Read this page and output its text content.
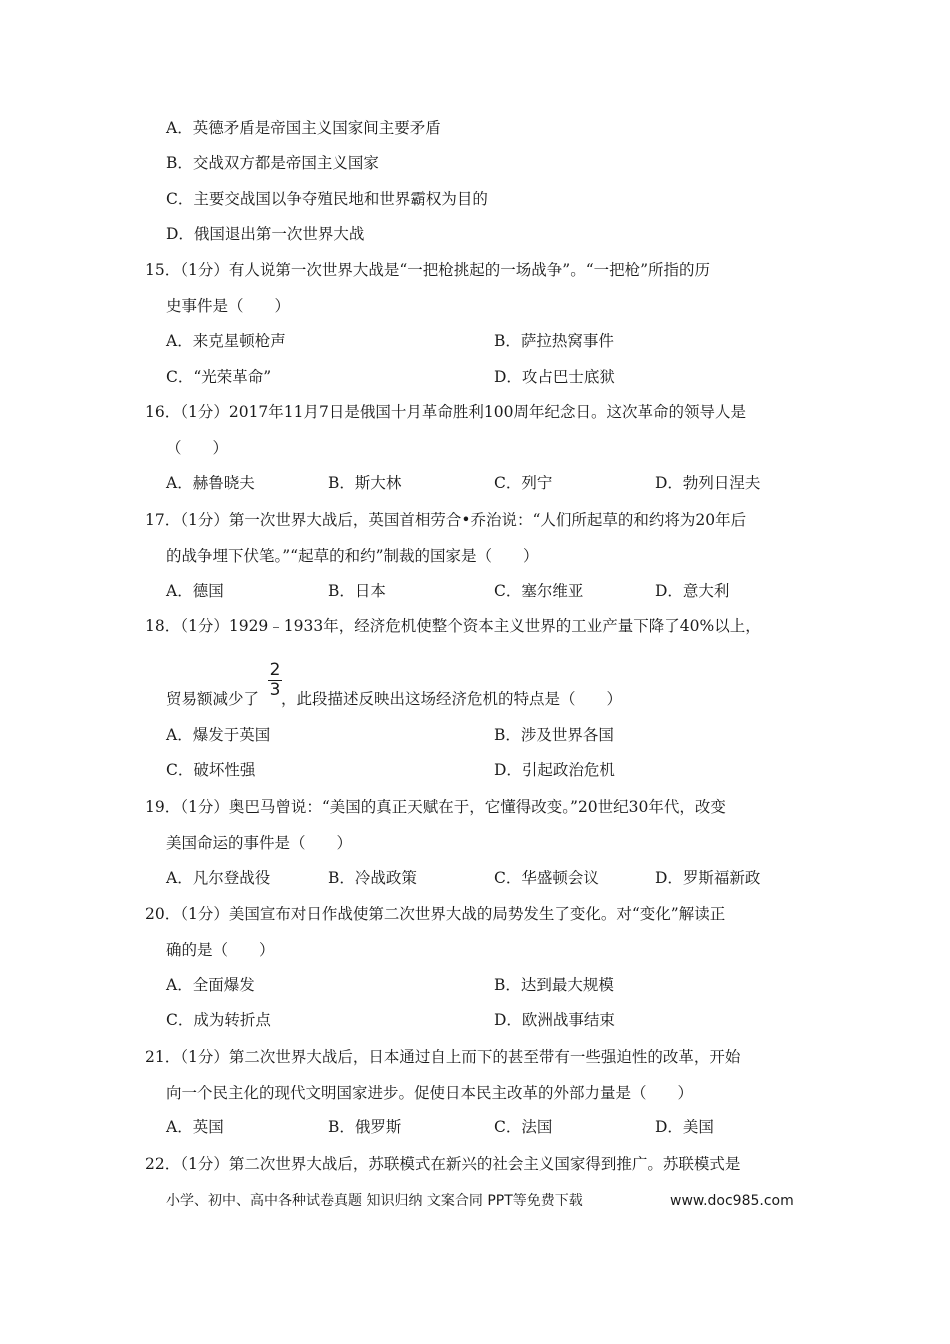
A．英德矛盾是帝国主义国家间主要矛盾
B．交战双方都是帝国主义国家
C．主要交战国以争夺殖民地和世界霸权为目的
D．俄国退出第一次世界大战
15．（1分）有人说第一次世界大战是“一把枪挑起的一场战争”。“一把枪”所指的历
史事件是（　　）
A．来克星顿枪声	B．萨拉热窝事件
C．“光荣革命”	D．攻占巴士底狱
16．（1分）2017年11月7日是俄国十月革命胜利100周年纪念日。这次革命的领导人是
（　　）
A．赫鲁晓夫	B．斯大林	C．列宁	D．勃列日涅夫
17．（1分）第一次世界大战后，英国首相劳合•乔治说：“人们所起草的和约将为20年后
的战争埋下伏笔。”“起草的和约”制裁的国家是（　　）
A．德国	B．日本	C．塞尔维亚	D．意大利
18．（1分）1929﹣1933年，经济危机使整个资本主义世界的工业产量下降了40%以上，
贸易额减少了 ，此段描述反映出这场经济危机的特点是（　　）
2
3
A．爆发于英国	B．涉及世界各国
C．破坏性强	D．引起政治危机
19．（1分）奥巴马曾说：“美国的真正天赋在于，它懂得改变。”20世纪30年代，改变
美国命运的事件是（　　）
A．凡尔登战役	B．冷战政策	C．华盛顿会议	D．罗斯福新政
20．（1分）美国宣布对日作战使第二次世界大战的局势发生了变化。对“变化”解读正
确的是（　　）
A．全面爆发	B．达到最大规模
C．成为转折点	D．欧洲战事结束
21．（1分）第二次世界大战后，日本通过自上而下的甚至带有一些强迫性的改革，开始
向一个民主化的现代文明国家进步。促使日本民主改革的外部力量是（　　）
A．英国	B．俄罗斯	C．法国	D．美国
22．（1分）第二次世界大战后，苏联模式在新兴的社会主义国家得到推广。苏联模式是
小学、初中、高中各种试卷真题 知识归纳 文案合同 PPT等免费下载	www.doc985.com
